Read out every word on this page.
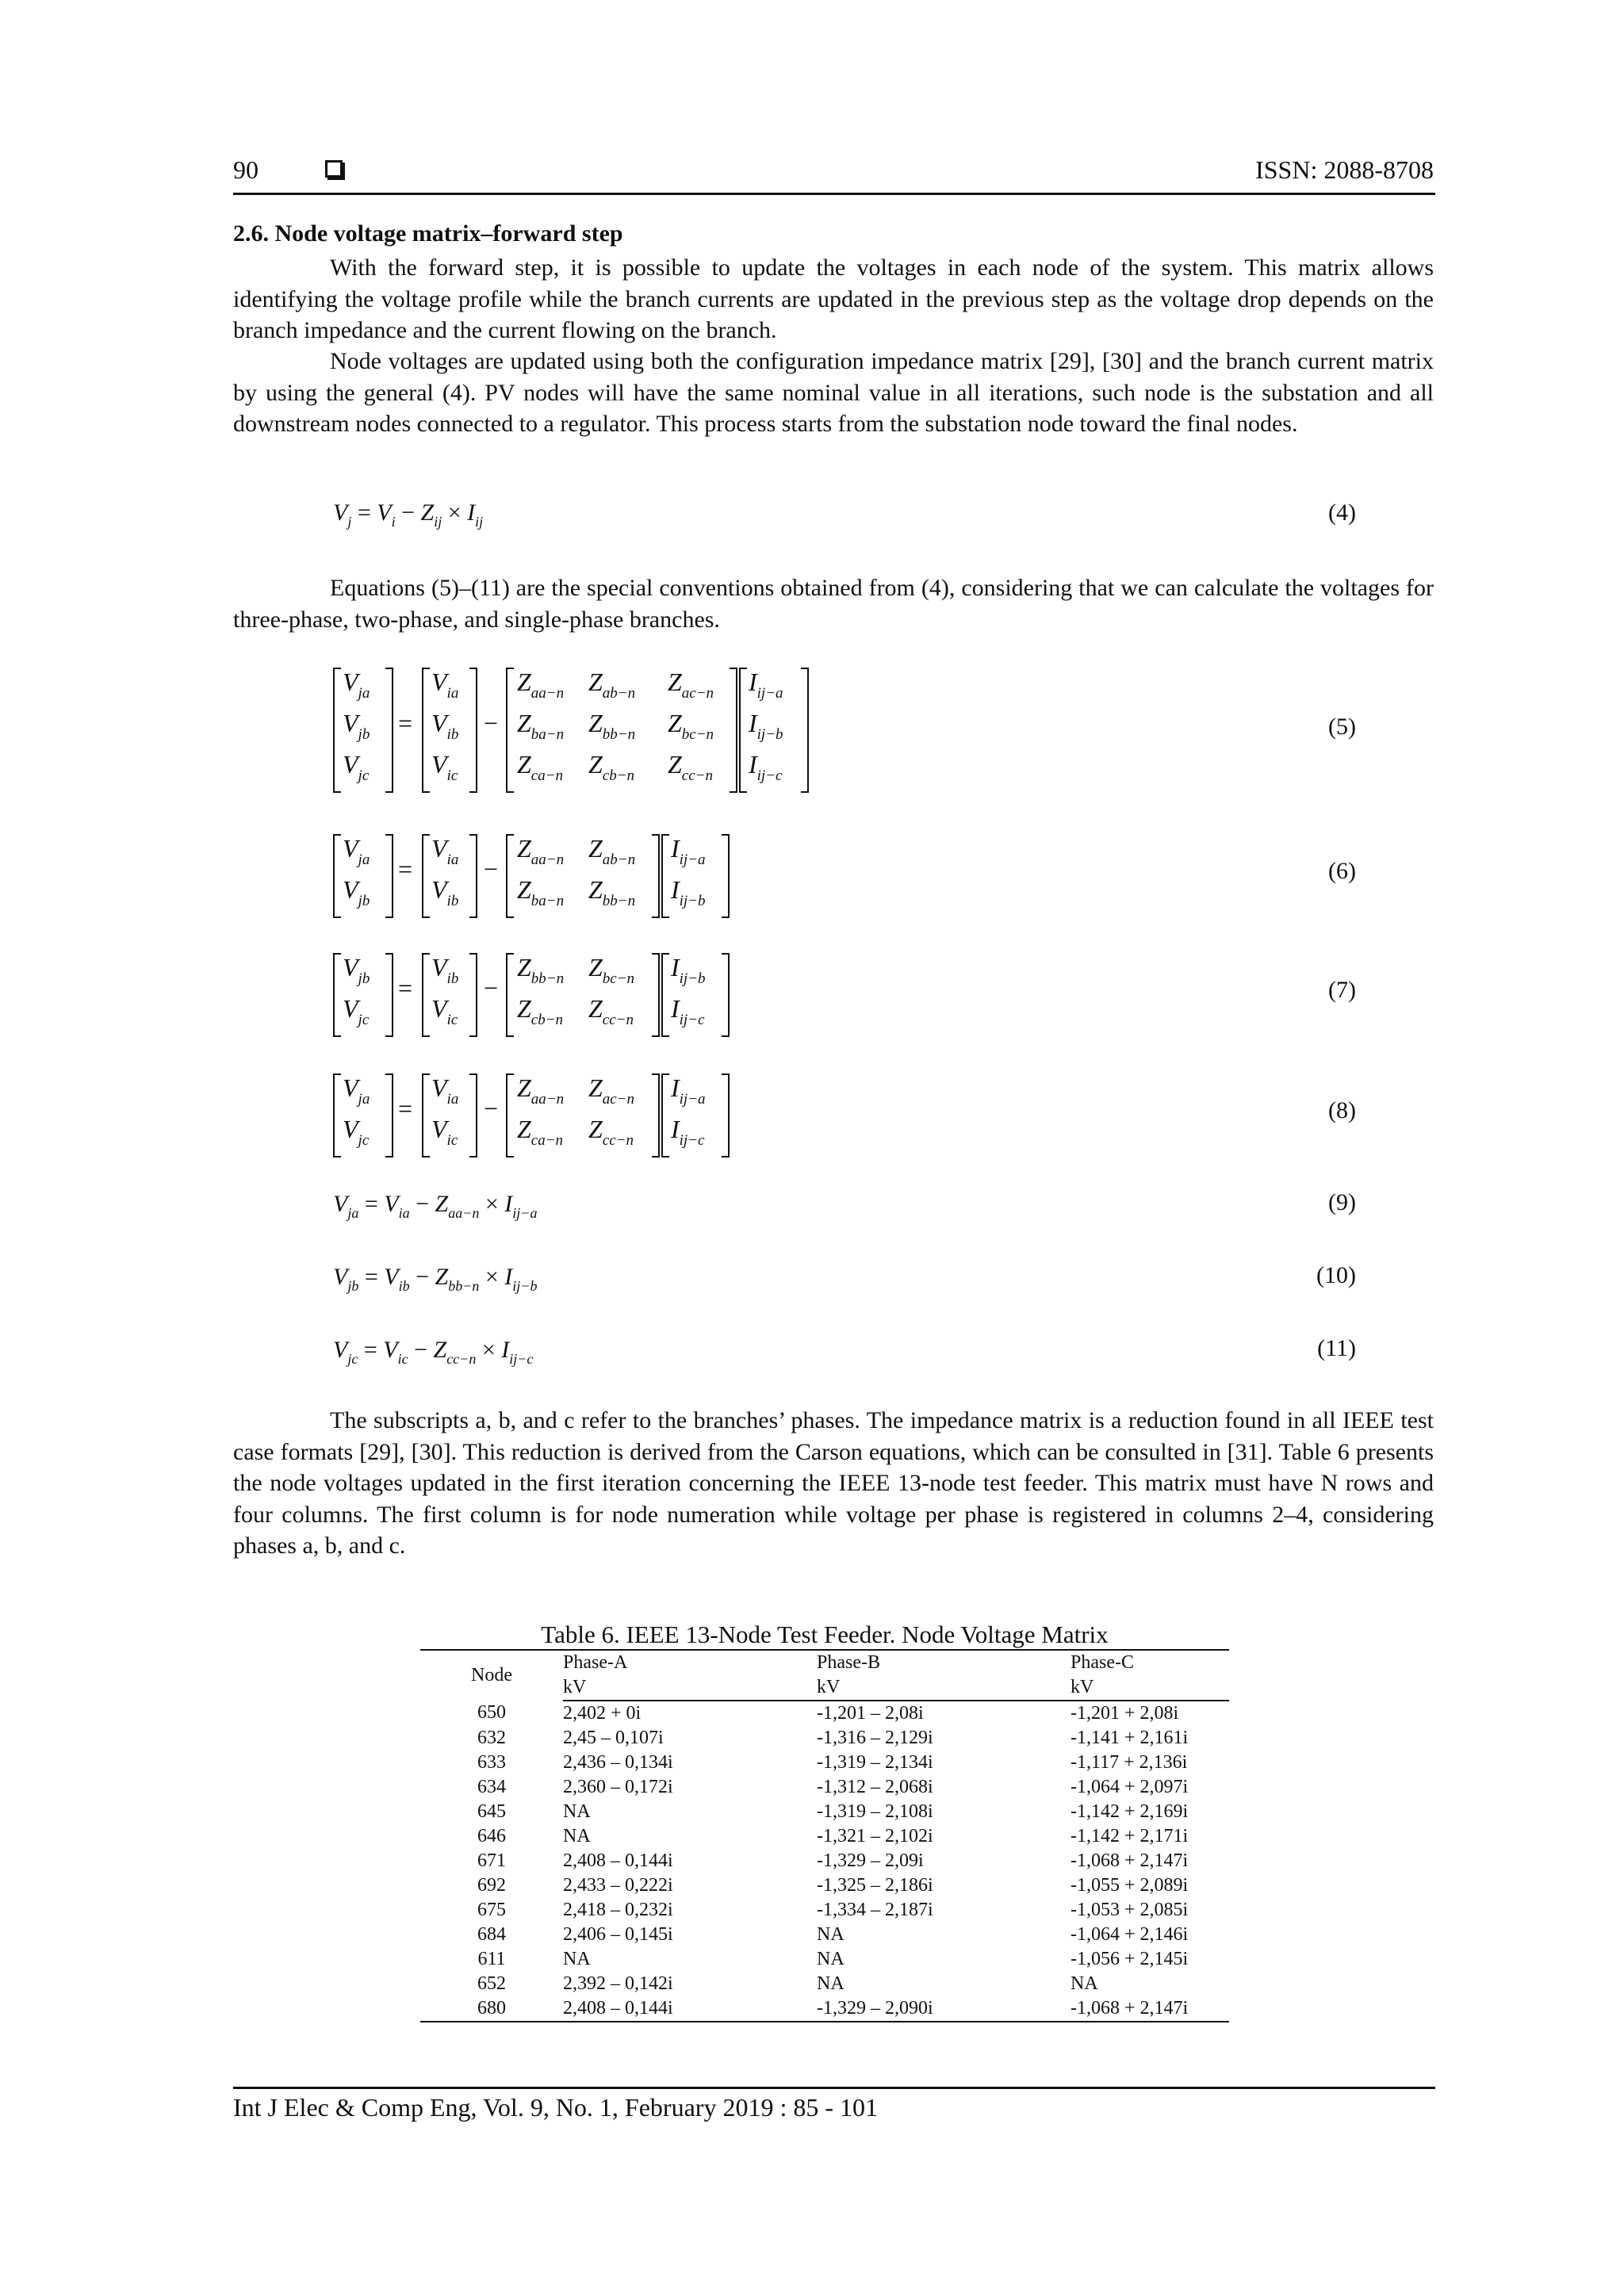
90	ISSN: 2088-8708
2.6. Node voltage matrix–forward step

With the forward step, it is possible to update the voltages in each node of the system. This matrix allows identifying the voltage profile while the branch currents are updated in the previous step as the voltage drop depends on the branch impedance and the current flowing on the branch.

Node voltages are updated using both the configuration impedance matrix [29], [30] and the branch current matrix by using the general (4). PV nodes will have the same nominal value in all iterations, such node is the substation and all downstream nodes connected to a regulator. This process starts from the substation node toward the final nodes.

$V_j = V_i - Z_{ij} \times I_{ij}$	(4)

Equations (5)–(11) are the special conventions obtained from (4), considering that we can calculate the voltages for three-phase, two-phase, and single-phase branches.

$V_{ja}$
$V_{jb}$
$V_{jc}$
=
$V_{ia}$
$V_{ib}$
$V_{ic}$
−
$Z_{aa-n}$ $Z_{ab-n}$ $Z_{ac-n}$
$Z_{ba-n}$ $Z_{bb-n}$ $Z_{bc-n}$
$Z_{ca-n}$ $Z_{cb-n}$ $Z_{cc-n}$
$I_{ij-a}$
$I_{ij-b}$
$I_{ij-c}$
(5)
$V_{ja}$
$V_{jb}$
=
$V_{ia}$
$V_{ib}$
−
$Z_{aa-n}$ $Z_{ab-n}$
$Z_{ba-n}$ $Z_{bb-n}$
$I_{ij-a}$
$I_{ij-b}$
(6)
$V_{jb}$
$V_{jc}$
=
$V_{ib}$
$V_{ic}$
−
$Z_{bb-n}$ $Z_{bc-n}$
$Z_{cb-n}$ $Z_{cc-n}$
$I_{ij-b}$
$I_{ij-c}$
(7)
$V_{ja}$
$V_{jc}$
=
$V_{ia}$
$V_{ic}$
−
$Z_{aa-n}$ $Z_{ac-n}$
$Z_{ca-n}$ $Z_{cc-n}$
$I_{ij-a}$
$I_{ij-c}$
(8)
$V_{ja} = V_{ia} - Z_{aa-n} \times I_{ij-a}$	(9)
$V_{jb} = V_{ib} - Z_{bb-n} \times I_{ij-b}$	(10)
$V_{jc} = V_{ic} - Z_{cc-n} \times I_{ij-c}$	(11)

The subscripts a, b, and c refer to the branches’ phases. The impedance matrix is a reduction found in all IEEE test case formats [29], [30]. This reduction is derived from the Carson equations, which can be consulted in [31]. Table 6 presents the node voltages updated in the first iteration concerning the IEEE 13-node test feeder. This matrix must have N rows and four columns. The first column is for node numeration while voltage per phase is registered in columns 2–4, considering phases a, b, and c.

Table 6. IEEE 13-Node Test Feeder. Node Voltage Matrix
Node	Phase-A	Phase-B	Phase-C
	kV	kV	kV
650	2,402 + 0i	-1,201 – 2,08i	-1,201 + 2,08i
632	2,45 – 0,107i	-1,316 – 2,129i	-1,141 + 2,161i
633	2,436 – 0,134i	-1,319 – 2,134i	-1,117 + 2,136i
634	2,360 – 0,172i	-1,312 – 2,068i	-1,064 + 2,097i
645	NA	-1,319 – 2,108i	-1,142 + 2,169i
646	NA	-1,321 – 2,102i	-1,142 + 2,171i
671	2,408 – 0,144i	-1,329 – 2,09i	-1,068 + 2,147i
692	2,433 – 0,222i	-1,325 – 2,186i	-1,055 + 2,089i
675	2,418 – 0,232i	-1,334 – 2,187i	-1,053 + 2,085i
684	2,406 – 0,145i	NA	-1,064 + 2,146i
611	NA	NA	-1,056 + 2,145i
652	2,392 – 0,142i	NA	NA
680	2,408 – 0,144i	-1,329 – 2,090i	-1,068 + 2,147i
Int J Elec & Comp Eng, Vol. 9, No. 1, February 2019 : 85 - 101
